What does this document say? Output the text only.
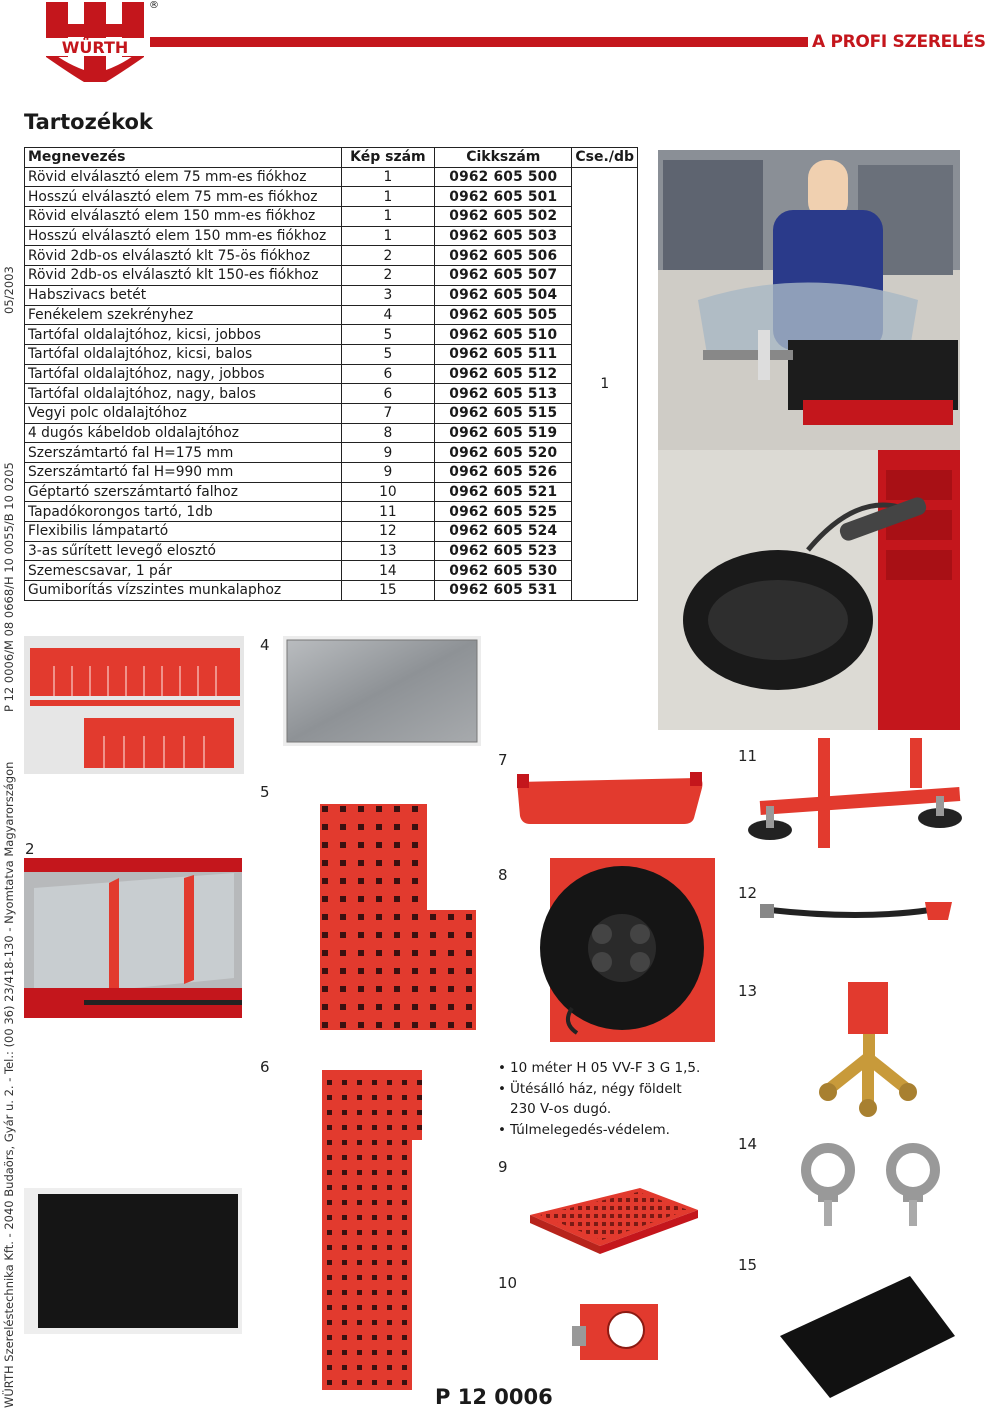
WÜRTH
®
A PROFI SZERELÉS
WÜRTH Szereléstechnika Kft. - 2040 Budaörs, Gyár u. 2. - Tel.: (00 36) 23/418-130 - Nyomtatva Magyarországon
P 12 0006/M 08 0668/H 10 0055/B 10 0205
05/2003
Tartozékok
Megnevezés	Kép szám	Cikkszám	Cse./db
Rövid elválasztó elem 75 mm-es fiókhoz	1	0962 605 500	1
Hosszú elválasztó elem 75 mm-es fiókhoz	1	0962 605 501	
Rövid elválasztó elem 150 mm-es fiókhoz	1	0962 605 502	
Hosszú elválasztó elem 150 mm-es fiókhoz	1	0962 605 503	
Rövid 2db-os elválasztó klt 75-ös fiókhoz	2	0962 605 506	
Rövid 2db-os elválasztó klt 150-es fiókhoz	2	0962 605 507	
Habszivacs betét	3	0962 605 504	
Fenékelem szekrényhez	4	0962 605 505	
Tartófal oldalajtóhoz, kicsi, jobbos	5	0962 605 510	
Tartófal oldalajtóhoz, kicsi, balos	5	0962 605 511	
Tartófal oldalajtóhoz, nagy, jobbos	6	0962 605 512	
Tartófal oldalajtóhoz, nagy, balos	6	0962 605 513	
Vegyi polc oldalajtóhoz	7	0962 605 515	
4 dugós kábeldob oldalajtóhoz	8	0962 605 519	
Szerszámtartó fal H=175 mm	9	0962 605 520	
Szerszámtartó fal H=990 mm	9	0962 605 526	
Géptartó szerszámtartó falhoz	10	0962 605 521	
Tapadókorongos tartó, 1db	11	0962 605 525	
Flexibilis lámpatartó	12	0962 605 524	
3-as sűrített levegő elosztó	13	0962 605 523	
Szemescsavar, 1 pár	14	0962 605 530	
Gumiborítás vízszintes munkalaphoz	15	0962 605 531	
4
5
2
6
7
8
9
10
11
12
13
14
15
• 10 méter H 05 VV-F 3 G 1,5.
• Ütésálló ház, négy földelt
230 V-os dugó.
• Túlmelegedés-védelem.
P 12 0006
